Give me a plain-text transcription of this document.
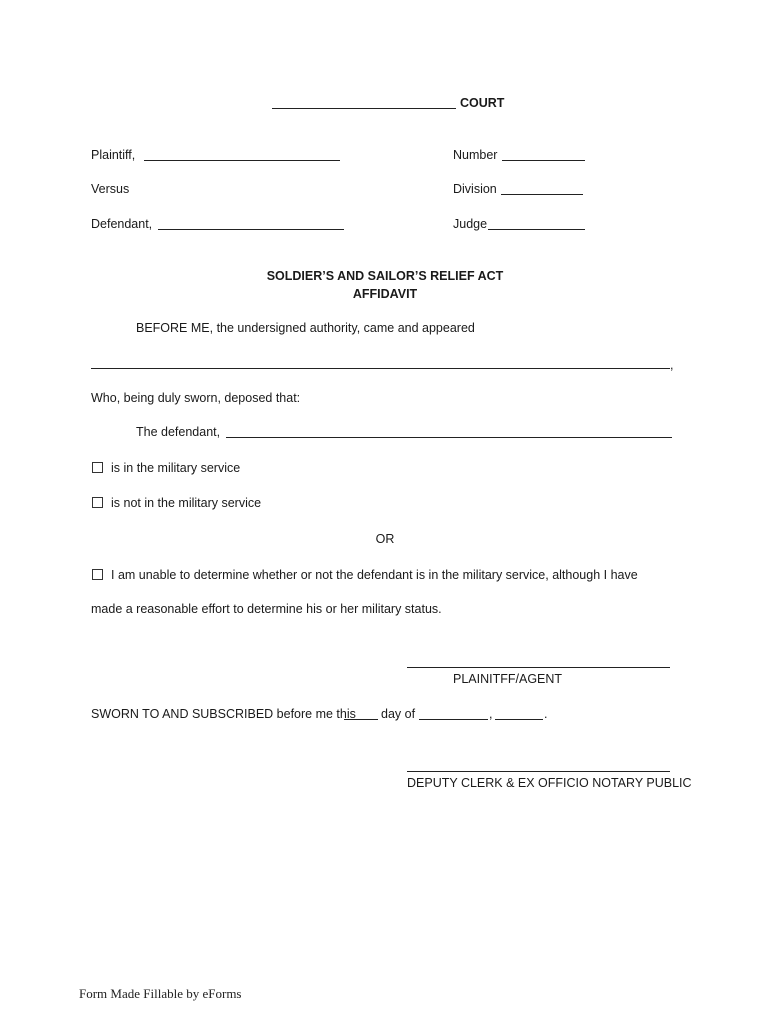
COURT
Plaintiff,	Number
Versus	Division
Defendant,	Judge
SOLDIER’S AND SAILOR’S RELIEF ACT
AFFIDAVIT
BEFORE ME, the undersigned authority, came and appeared
,
Who, being duly sworn, deposed that:
The defendant,
is in the military service
is not in the military service
OR
I am unable to determine whether or not the defendant is in the military service, although I have
made a reasonable effort to determine his or her military status.
PLAINITFF/AGENT
SWORN TO AND SUBSCRIBED before me this day of	,	.
DEPUTY CLERK & EX OFFICIO NOTARY PUBLIC
Form Made Fillable by eForms
